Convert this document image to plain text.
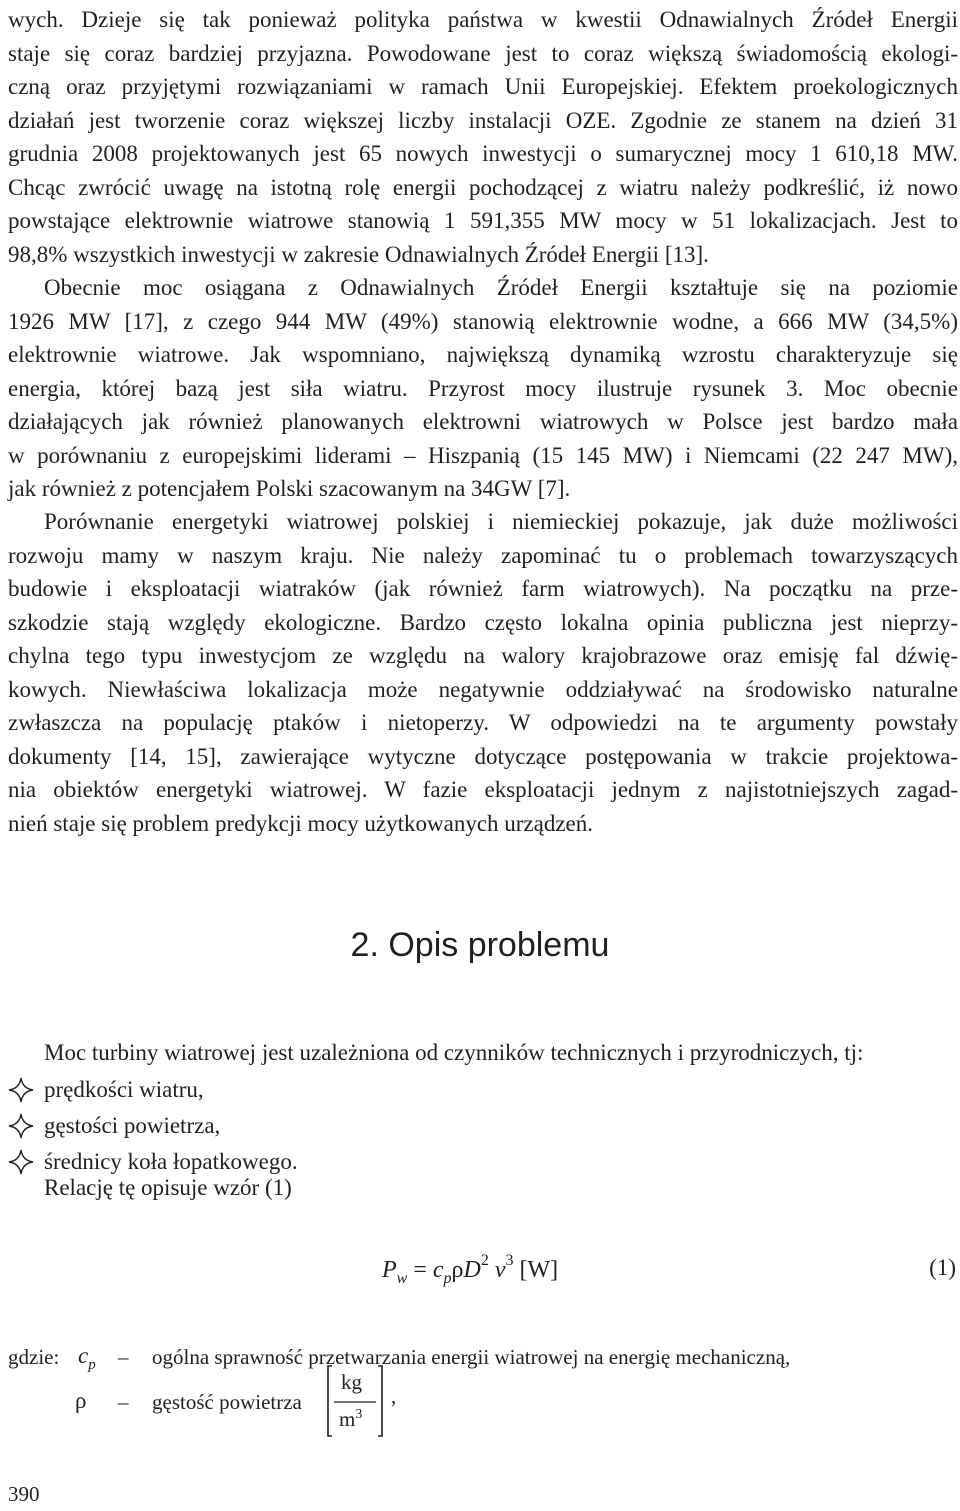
wych. Dzieje się tak ponieważ polityka państwa w kwestii Odnawialnych Źródeł Energii
staje się coraz bardziej przyjazna. Powodowane jest to coraz większą świadomością ekologi-
czną oraz przyjętymi rozwiązaniami w ramach Unii Europejskiej. Efektem proekologicznych
działań jest tworzenie coraz większej liczby instalacji OZE. Zgodnie ze stanem na dzień 31
grudnia 2008 projektowanych jest 65 nowych inwestycji o sumarycznej mocy 1 610,18 MW.
Chcąc zwrócić uwagę na istotną rolę energii pochodzącej z wiatru należy podkreślić, iż nowo
powstające elektrownie wiatrowe stanowią 1 591,355 MW mocy w 51 lokalizacjach. Jest to
98,8% wszystkich inwestycji w zakresie Odnawialnych Źródeł Energii [13].
Obecnie moc osiągana z Odnawialnych Źródeł Energii kształtuje się na poziomie
1926 MW [17], z czego 944 MW (49%) stanowią elektrownie wodne, a 666 MW (34,5%)
elektrownie wiatrowe. Jak wspomniano, największą dynamiką wzrostu charakteryzuje się
energia, której bazą jest siła wiatru. Przyrost mocy ilustruje rysunek 3. Moc obecnie
działających jak również planowanych elektrowni wiatrowych w Polsce jest bardzo mała
w porównaniu z europejskimi liderami – Hiszpanią (15 145 MW) i Niemcami (22 247 MW),
jak również z potencjałem Polski szacowanym na 34GW [7].
Porównanie energetyki wiatrowej polskiej i niemieckiej pokazuje, jak duże możliwości
rozwoju mamy w naszym kraju. Nie należy zapominać tu o problemach towarzyszących
budowie i eksploatacji wiatraków (jak również farm wiatrowych). Na początku na prze-
szkodzie stają względy ekologiczne. Bardzo często lokalna opinia publiczna jest nieprzy-
chylna tego typu inwestycjom ze względu na walory krajobrazowe oraz emisję fal dźwię-
kowych. Niewłaściwa lokalizacja może negatywnie oddziaływać na środowisko naturalne
zwłaszcza na populację ptaków i nietoperzy. W odpowiedzi na te argumenty powstały
dokumenty [14, 15], zawierające wytyczne dotyczące postępowania w trakcie projektowa-
nia obiektów energetyki wiatrowej. W fazie eksploatacji jednym z najistotniejszych zagad-
nień staje się problem predykcji mocy użytkowanych urządzeń.
2. Opis problemu
Moc turbiny wiatrowej jest uzależniona od czynników technicznych i przyrodniczych, tj:
prędkości wiatru,
gęstości powietrza,
średnicy koła łopatkowego.
Relację tę opisuje wzór (1)
$P_w = c_p\rho D^2$ $v^3$ [W]	(1)
gdzie: $c_p$ – ogólna sprawność przetwarzania energii wiatrowej na energię mechaniczną,
ρ – gęstość powietrza
kg
$m^3$
,
390
